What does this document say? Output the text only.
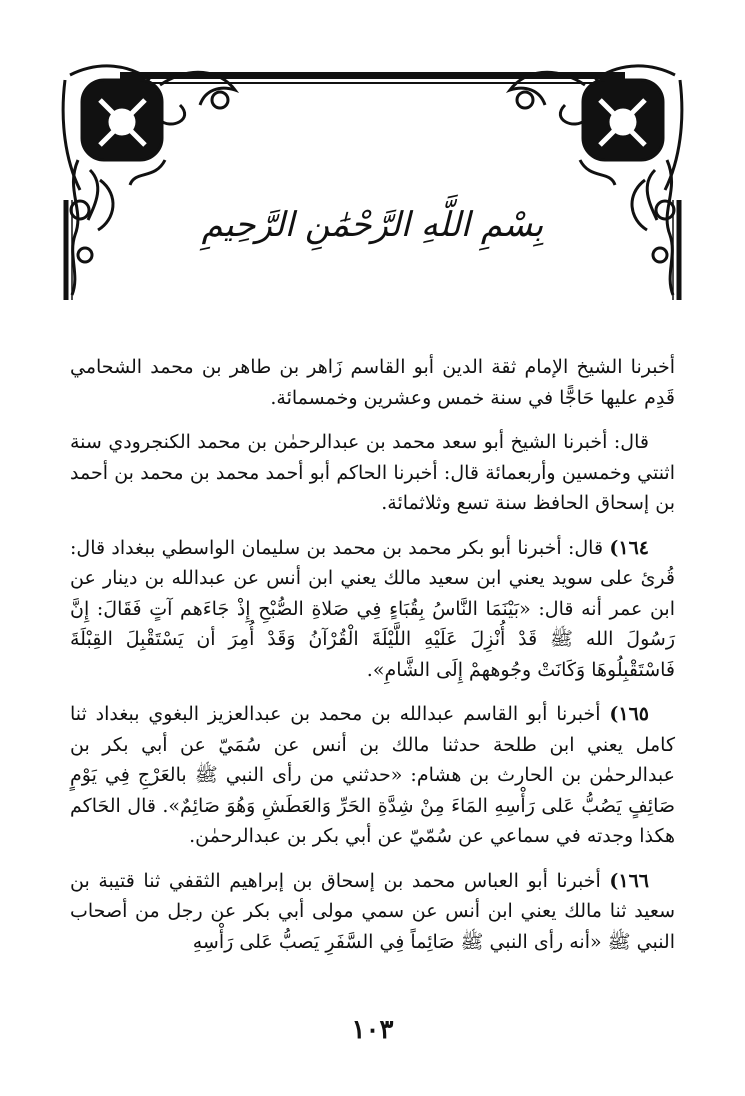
بِسْمِ اللَّهِ الرَّحْمَٰنِ الرَّحِيمِ

أخبرنا الشيخ الإمام ثقة الدين أبو القاسم زَاهر بن طاهر بن محمد الشحامي قَدِم عليها حَاجًّا في سنة خمس وعشرين وخمسمائة.

قال: أخبرنا الشيخ أبو سعد محمد بن عبدالرحمٰن بن محمد الكنجرودي سنة اثنتي وخمسين وأربعمائة قال: أخبرنا الحاكم أبو أحمد محمد بن محمد بن أحمد بن إسحاق الحافظ سنة تسع وثلاثمائة.

١٦٤) قال: أخبرنا أبو بكر محمد بن محمد بن سليمان الواسطي ببغداد قال: قُرئ على سويد يعني ابن سعيد مالك يعني ابن أنس عن عبدالله بن دينار عن ابن عمر أنه قال: «بَيْنَمَا النَّاسُ بِقُبَاءٍ فِي صَلاةِ الصُّبْحِ إِذْ جَاءَهم آتٍ فَقَالَ: إِنَّ رَسُولَ الله ﷺ قَدْ أُنْزِلَ عَلَيْهِ اللَّيْلَةَ الْقُرْآنُ وَقَدْ أُمِرَ أن يَسْتَقْبِلَ القِبْلَةَ فَاسْتَقْبِلُوهَا وَكَانَتْ وجُوههمْ إِلَى الشَّامِ».

١٦٥) أخبرنا أبو القاسم عبدالله بن محمد بن عبدالعزيز البغوي ببغداد ثنا كامل يعني ابن طلحة حدثنا مالك بن أنس عن سُمَيّ عن أبي بكر بن عبدالرحمٰن بن الحارث بن هشام: «حدثني من رأى النبي ﷺ بالعَرْجِ فِي يَوْمٍ صَائِفٍ يَصُبُّ عَلى رَأْسِهِ المَاءَ مِنْ شِدَّةِ الحَرِّ وَالعَطَشِ وَهُوَ صَائِمٌ». قال الحَاكم هكذا وجدته في سماعي عن سُمّيّ عن أبي بكر بن عبدالرحمٰن.

١٦٦) أخبرنا أبو العباس محمد بن إسحاق بن إبراهيم الثقفي ثنا قتيبة بن سعيد ثنا مالك يعني ابن أنس عن سمي مولى أبي بكر عن رجل من أصحاب النبي ﷺ «أنه رأى النبي ﷺ صَائِماً فِي السَّفَرِ يَصبُّ عَلى رَأْسِهِ

١٠٣
